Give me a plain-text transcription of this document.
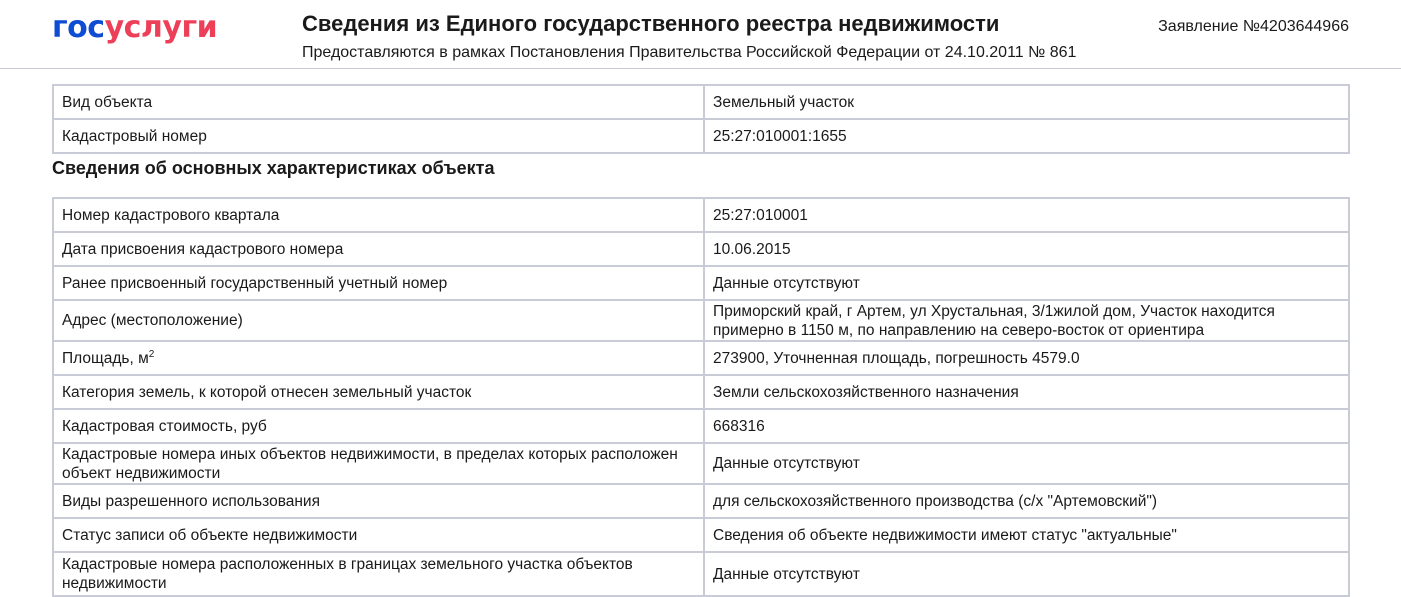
госуслуги	Сведения из Единого государственного реестра недвижимости
Предоставляются в рамках Постановления Правительства Российской Федерации от 24.10.2011 № 861
Заявление №4203644966
Вид объекта	Земельный участок
Кадастровый номер	25:27:010001:1655
Сведения об основных характеристиках объекта
Номер кадастрового квартала	25:27:010001
Дата присвоения кадастрового номера	10.06.2015
Ранее присвоенный государственный учетный номер	Данные отсутствуют
Адрес (местоположение)	Приморский край, г Артем, ул Хрустальная, 3/1жилой дом, Участок находится примерно в 1150 м, по направлению на северо-восток от ориентира
Площадь, $м^2$	273900, Уточненная площадь, погрешность 4579.0
Категория земель, к которой отнесен земельный участок	Земли сельскохозяйственного назначения
Кадастровая стоимость, руб	668316
Кадастровые номера иных объектов недвижимости, в пределах которых расположен объект недвижимости	Данные отсутствуют
Виды разрешенного использования	для сельскохозяйственного производства (с/х "Артемовский")
Статус записи об объекте недвижимости	Сведения об объекте недвижимости имеют статус "актуальные"
Кадастровые номера расположенных в границах земельного участка объектов недвижимости	Данные отсутствуют
